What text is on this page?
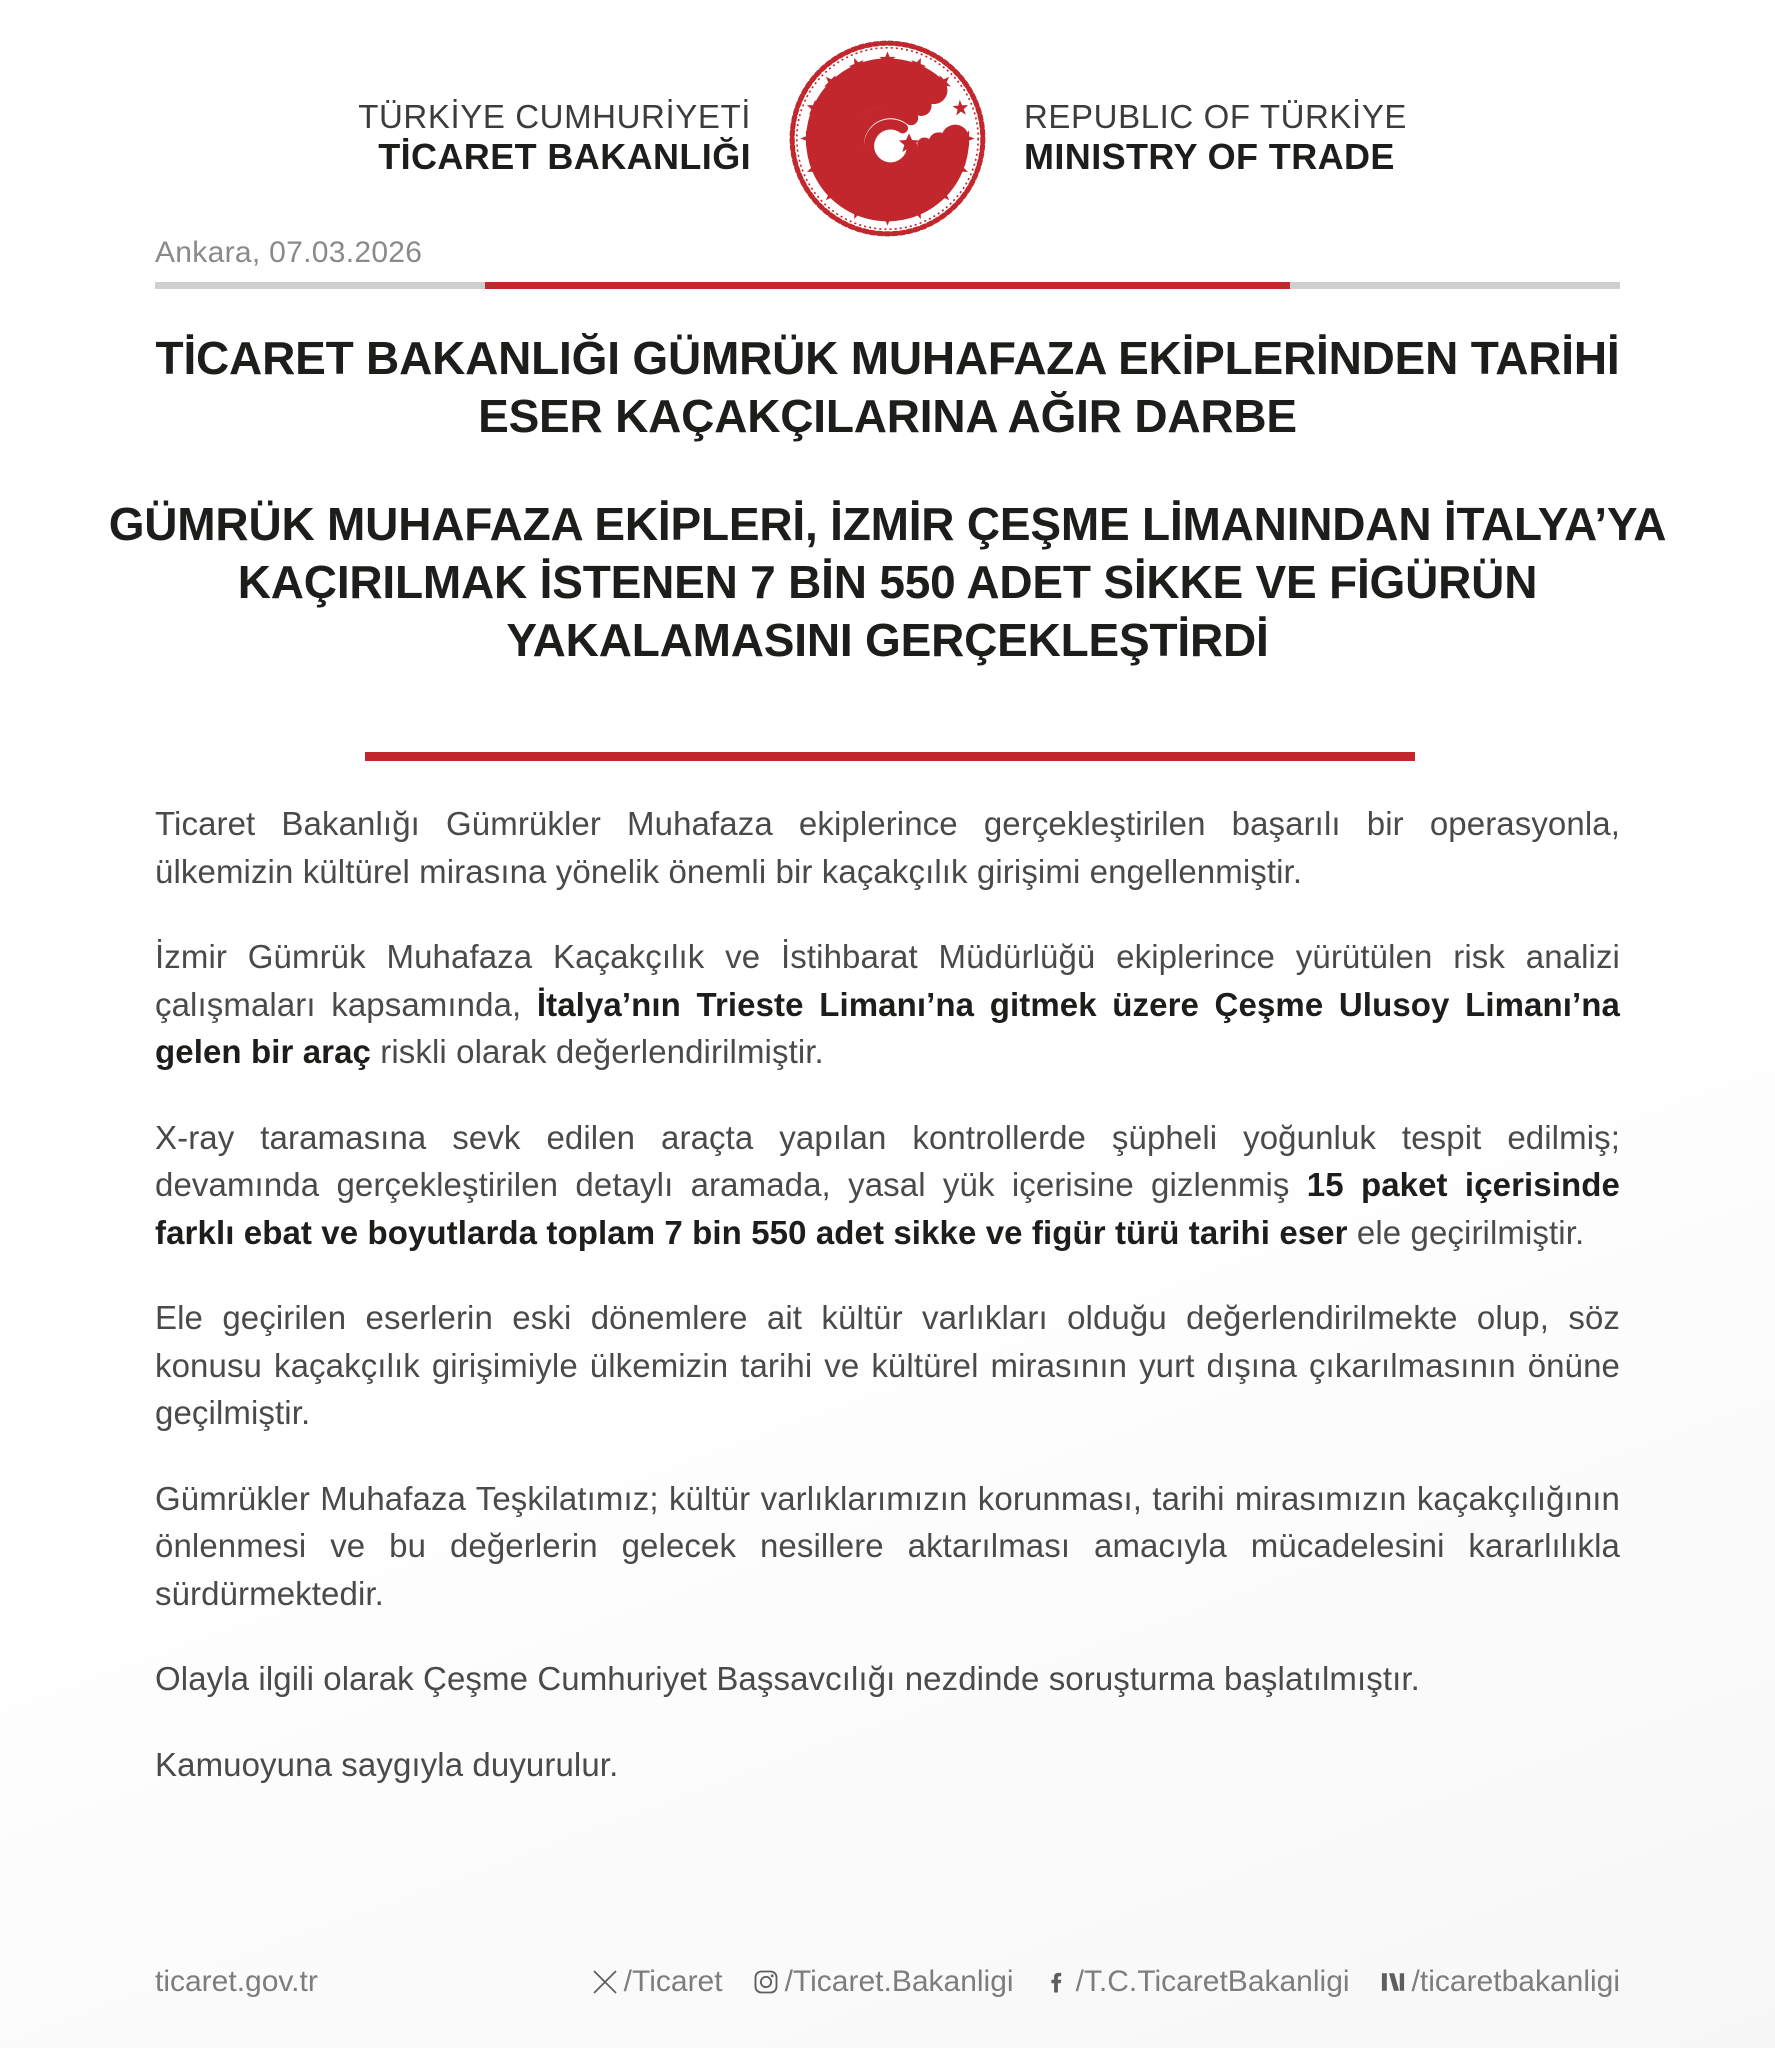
TÜRKİYE CUMHURİYETİ
TİCARET BAKANLIĞI
REPUBLIC OF TÜRKİYE
MINISTRY OF TRADE
Ankara, 07.03.2026
TİCARET BAKANLIĞI GÜMRÜK MUHAFAZA EKİPLERİNDEN TARİHİ ESER KAÇAKÇILARINA AĞIR DARBE
GÜMRÜK MUHAFAZA EKİPLERİ, İZMİR ÇEŞME LİMANINDAN İTALYA’YA KAÇIRILMAK İSTENEN 7 BİN 550 ADET SİKKE VE FİGÜRÜN YAKALAMASINI GERÇEKLEŞTİRDİ

Ticaret Bakanlığı Gümrükler Muhafaza ekiplerince gerçekleştirilen başarılı bir operasyonla, ülkemizin kültürel mirasına yönelik önemli bir kaçakçılık girişimi engellenmiştir.

İzmir Gümrük Muhafaza Kaçakçılık ve İstihbarat Müdürlüğü ekiplerince yürütülen risk analizi çalışmaları kapsamında, İtalya’nın Trieste Limanı’na gitmek üzere Çeşme Ulusoy Limanı’na gelen bir araç riskli olarak değerlendirilmiştir.

X-ray taramasına sevk edilen araçta yapılan kontrollerde şüpheli yoğunluk tespit edilmiş; devamında gerçekleştirilen detaylı aramada, yasal yük içerisine gizlenmiş 15 paket içerisinde farklı ebat ve boyutlarda toplam 7 bin 550 adet sikke ve figür türü tarihi eser ele geçirilmiştir.

Ele geçirilen eserlerin eski dönemlere ait kültür varlıkları olduğu değerlendirilmekte olup, söz konusu kaçakçılık girişimiyle ülkemizin tarihi ve kültürel mirasının yurt dışına çıkarılmasının önüne geçilmiştir.

Gümrükler Muhafaza Teşkilatımız; kültür varlıklarımızın korunması, tarihi mirasımızın kaçakçılığının önlenmesi ve bu değerlerin gelecek nesillere aktarılması amacıyla mücadelesini kararlılıkla sürdürmektedir.

Olayla ilgili olarak Çeşme Cumhuriyet Başsavcılığı nezdinde soruşturma başlatılmıştır.

Kamuoyuna saygıyla duyurulur.

ticaret.gov.tr	/Ticaret /Ticaret.Bakanligi /T.C.TicaretBakanligi /ticaretbakanligi
